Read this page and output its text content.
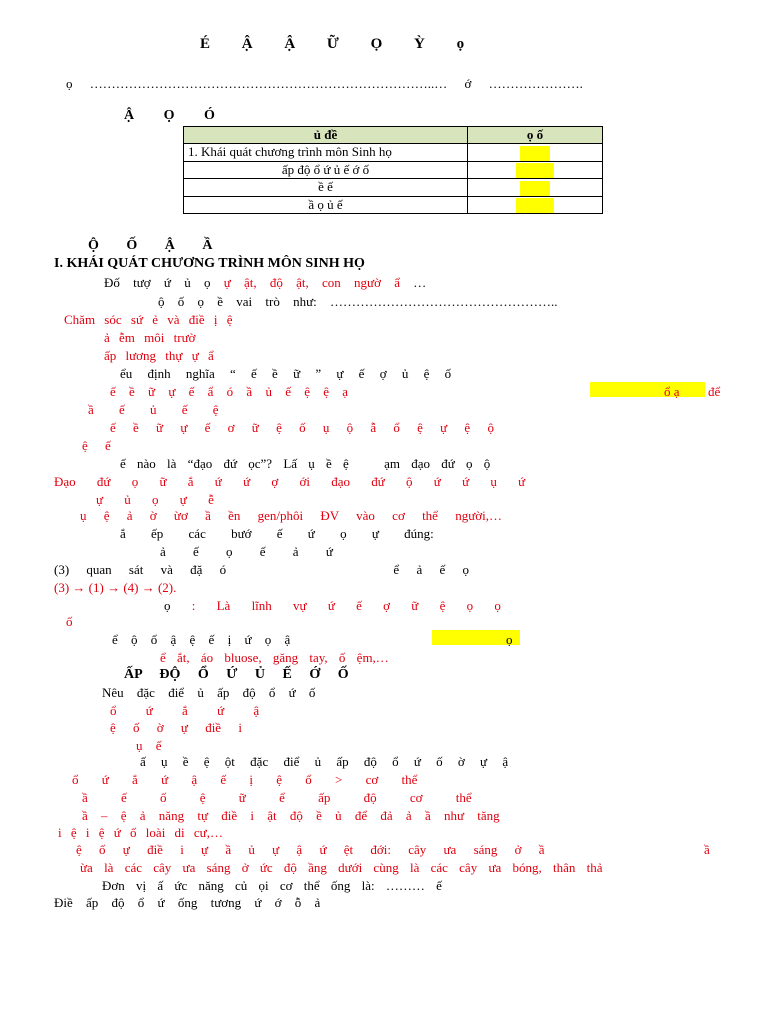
É Ậ Ậ Ữ Ọ Ỳ ọ
ọ ……………………………………………………………………..… ớ ………………….
Ậ Ọ Ó
ủ đề	ọ ố
1. Khái quát chương trình môn Sinh họ	
ấp độ ổ ứ ủ ế ớ ố	
ề ế	
ầ ọ ủ ế	
Ộ Ố Ậ Ầ
I. KHÁI QUÁT CHƯƠNG TRÌNH MÔN SINH HỌ
Đố tượ ứ ủ ọ ự ật, độ ật, con ngườ ẩ …
ộ ố ọ ề vai trò như: ……………………………………………..
Chăm sóc sứ ẻ và điề ị ệ
ả ễm môi trườ
ấp lương thự ự ẩ
ểu định nghĩa “ ế ề ữ ” ự ế ợ ủ ệ ố
ế ề ữ ự ế ẩ ó ầ ủ ế ệ ệ ạ	ổ ạ để
ầ ế ủ ế ệ
ế ề ữ ự ế ơ ữ ệ ố ụ ộ ẫ ổ ệ ự ệ ộ
ệ ế
ế nào là “đạo đứ ọc”? Lấ ụ ề ệ	ạm đạo đứ ọ ộ
Đạo đứ ọ ữ ắ ứ ứ ợ ới đạo đứ ộ ứ ứ ụ ứ
ự ủ ọ ự ễ
ụ ệ ả ờ ừơ ầ ền gen/phôi ĐV vào cơ thể người,…
ắ ếp các bướ ế ứ ọ ự đúng:
ả ế ọ ế ả ứ
(3) quan sát và đặ ó	ể ả ế ọ
(3) → (1) → (4) → (2).
ọ : Là lĩnh vự ứ ế ợ ữ ệ ọ ọ
ố
ể ộ ố ậ ệ ế ị ứ ọ ậ	ọ
ể ắt, áo bluose, găng tay, ố ệm,…
ẤP ĐỘ Ổ Ứ Ủ Ế Ớ Ố
Nêu đặc điể ủ ấp độ ổ ứ ố
ổ ứ ắ ứ ậ
ệ ố ờ ự điề i
ụ ế
ấ ụ ề ệ ột đặc điể ủ ấp độ ổ ứ ố ờ ự ậ
ổ ứ ắ ứ ậ ế ị ệ ổ > cơ thể
ầ ế ố ệ ữ ể ấp độ cơ thể
ầ – ệ ả năng tự điề i ật độ ề ủ để đả ả ầ như tăng
i ệ i ệ ứ ố loài di cư,…
ệ ố ự điề i ự ầ ủ ự ậ ứ ệt đới: cây ưa sáng ở ầ	ầ
ừa là các cây ưa sáng ở ức độ ầng dưới cùng là các cây ưa bóng, thân thả
Đơn vị ấ ức năng củ ọi cơ thể ống là: ……… ế
Điề ấp độ ổ ứ ống tương ứ ớ ỗ ả
